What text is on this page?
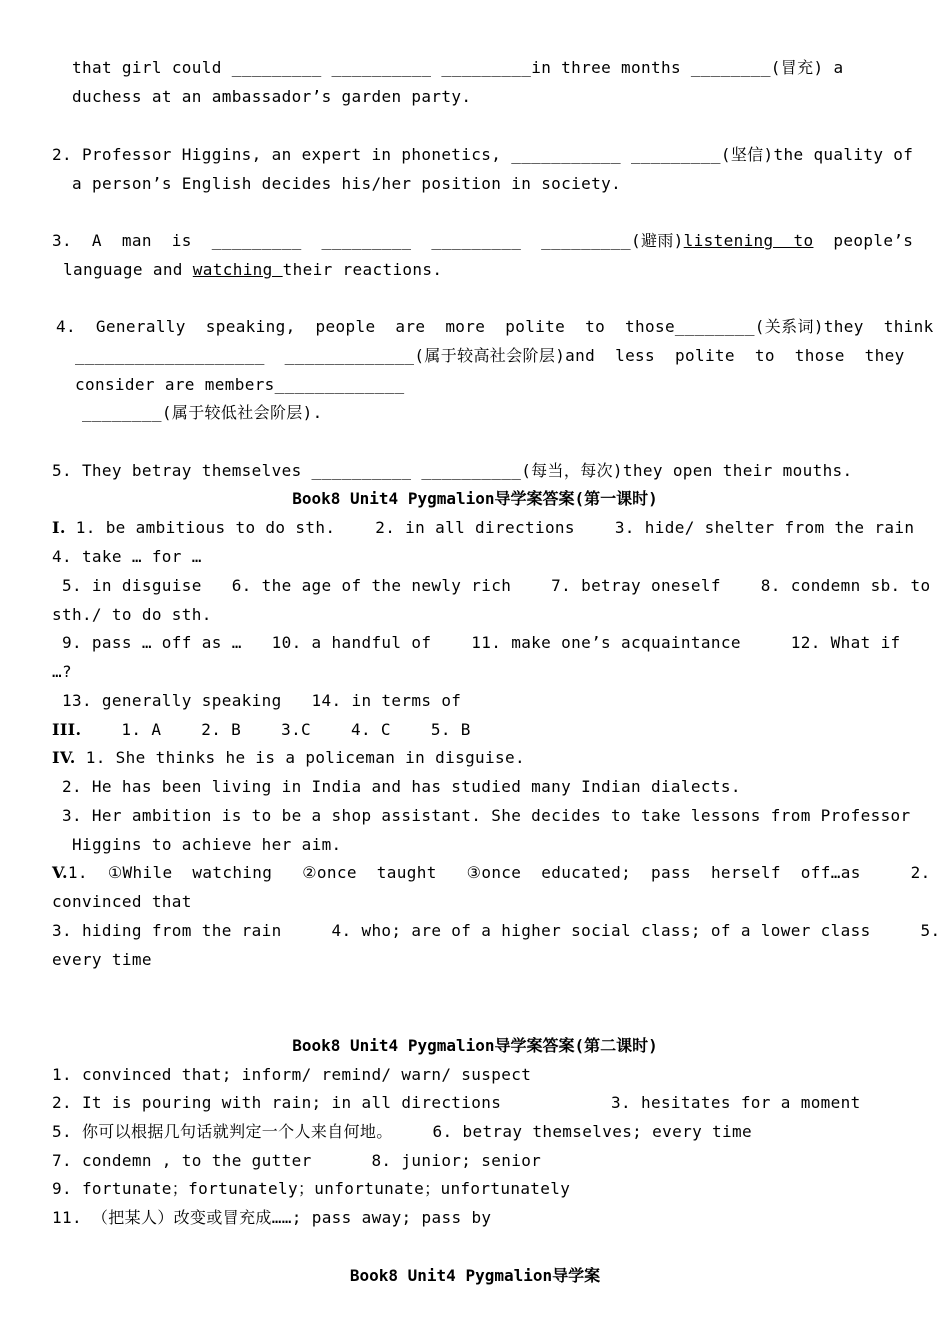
that girl could _________ __________ _________in three months ________(冒充) a
duchess at an ambassador’s garden party.
2. Professor Higgins, an expert in phonetics, ___________ _________(坚信)the quality of
a person’s English decides his/her position in society.
3.  A  man  is  _________  _________  _________  _________(避雨)listening  to  people’s
language and watching their reactions.
4.  Generally  speaking,  people  are  more  polite  to  those________(关系词)they  think
___________________  _____________(属于较高社会阶层)and  less  polite  to  those  they
consider are members_____________
________(属于较低社会阶层).
5. They betray themselves __________ __________(每当，每次)they open their mouths.
Book8 Unit4 Pygmalion导学案答案(第一课时)
I. 1. be ambitious to do sth.    2. in all directions    3. hide/ shelter from the rain
4. take … for …
5. in disguise   6. the age of the newly rich    7. betray oneself    8. condemn sb. to
sth./ to do sth.
9. pass … off as …   10. a handful of    11. make one’s acquaintance     12. What if
…?
13. generally speaking   14. in terms of
III.    1. A    2. B    3.C    4. C    5. B
IV. 1. She thinks he is a policeman in disguise.
2. He has been living in India and has studied many Indian dialects.
3. Her ambition is to be a shop assistant. She decides to take lessons from Professor
Higgins to achieve her aim.
V.1.  ①While  watching   ②once  taught   ③once  educated;  pass  herself  off…as     2.
convinced that
3. hiding from the rain     4. who; are of a higher social class; of a lower class     5.
every time
Book8 Unit4 Pygmalion导学案答案(第二课时)
1. convinced that; inform/ remind/ warn/ suspect
2. It is pouring with rain; in all directions           3. hesitates for a moment
5. 你可以根据几句话就判定一个人来自何地。    6. betray themselves; every time
7. condemn , to the gutter      8. junior; senior
9. fortunate；fortunately；unfortunate；unfortunately
11. （把某人）改变或冒充成……; pass away; pass by
Book8 Unit4 Pygmalion导学案
